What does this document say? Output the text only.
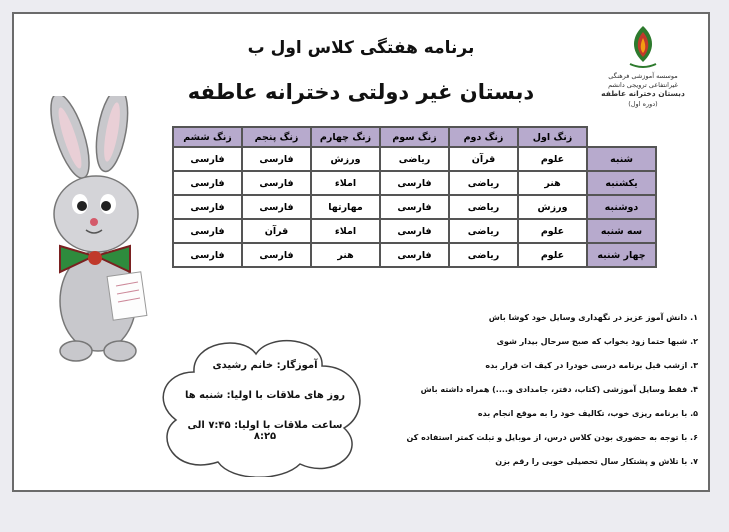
برنامه هفتگی کلاس اول ب
دبستان غیر دولتی دخترانه عاطفه
موسسه آموزشی فرهنگی
غیرانتفاعی ترویجی دانشم
دبستان دخترانه عاطفه
(دوره اول)
	زنگ اول	زنگ دوم	زنگ سوم	زنگ چهارم	زنگ پنجم	زنگ ششم
شنبه	علوم	قرآن	ریاضی	ورزش	فارسی	فارسی
یکشنبه	هنر	ریاضی	فارسی	املاء	فارسی	فارسی
دوشنبه	ورزش	ریاضی	فارسی	مهارتها	فارسی	فارسی
سه شنبه	علوم	ریاضی	فارسی	املاء	قرآن	فارسی
چهار شنبه	علوم	ریاضی	فارسی	هنر	فارسی	فارسی
آموزگار: خانم رشیدی
روز های ملاقات با اولیا: شنبه ها
ساعت ملاقات با اولیا: ۷:۴۵ الی ۸:۲۵
۱. دانش آموز عزیز در نگهداری وسایل خود کوشا باش
۲. شبها حتما زود بخواب که صبح سرحال بیدار شوی
۳. ازشب قبل برنامه درسی خودرا در کیف ات قرار بده
۴. فقط وسایل آموزشی (کتاب، دفتر، جامدادی و....) همراه داشته باش
۵. با برنامه ریزی خوب، تکالیف خود را به موقع انجام بده
۶. با توجه به حضوری بودن کلاس درس، از موبایل و تبلت کمتر استفاده کن
۷. با تلاش و پشتکار سال تحصیلی خوبی را رقم بزن
